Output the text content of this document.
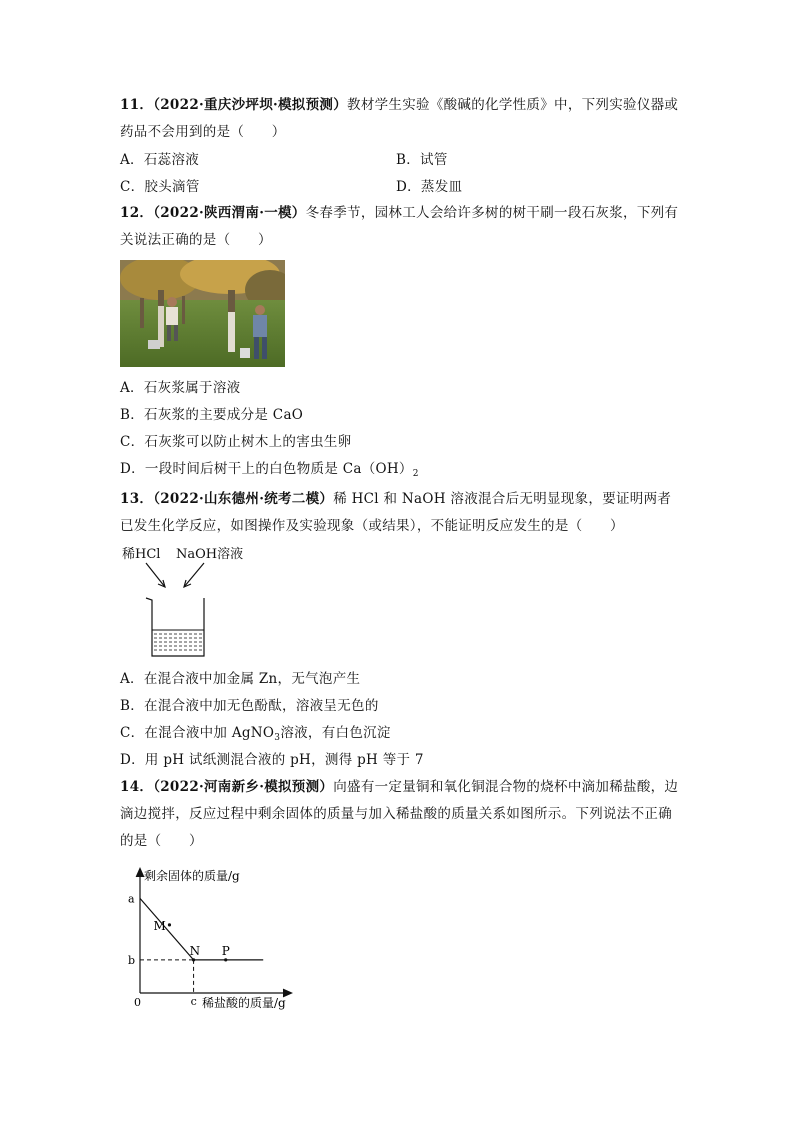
11．（2022·重庆沙坪坝·模拟预测）教材学生实验《酸碱的化学性质》中，下列实验仪器或药品不会用到的是（　　）
A．石蕊溶液	B．试管
C．胶头滴管	D．蒸发皿
12．（2022·陕西渭南·一模）冬春季节，园林工人会给许多树的树干刷一段石灰浆，下列有关说法正确的是（　　）
A．石灰浆属于溶液
B．石灰浆的主要成分是 CaO
C．石灰浆可以防止树木上的害虫生卵
D．一段时间后树干上的白色物质是 $Ca(OH)_2$
13．（2022·山东德州·统考二模）稀 HCl 和 NaOH 溶液混合后无明显现象，要证明两者已发生化学反应，如图操作及实验现象（或结果），不能证明反应发生的是（　　）
稀HCl NaOH溶液
A．在混合液中加金属 Zn，无气泡产生
B．在混合液中加无色酚酞，溶液呈无色的
C．在混合液中加 AgNO$_3$溶液，有白色沉淀
D．用 pH 试纸测混合液的 pH，测得 pH 等于 7
14．（2022·河南新乡·模拟预测）向盛有一定量铜和氧化铜混合物的烧杯中滴加稀盐酸，边滴边搅拌，反应过程中剩余固体的质量与加入稀盐酸的质量关系如图所示。下列说法不正确的是（　　）
剩余固体的质量/g
稀盐酸的质量/g
0
a
b
c
M
N P
